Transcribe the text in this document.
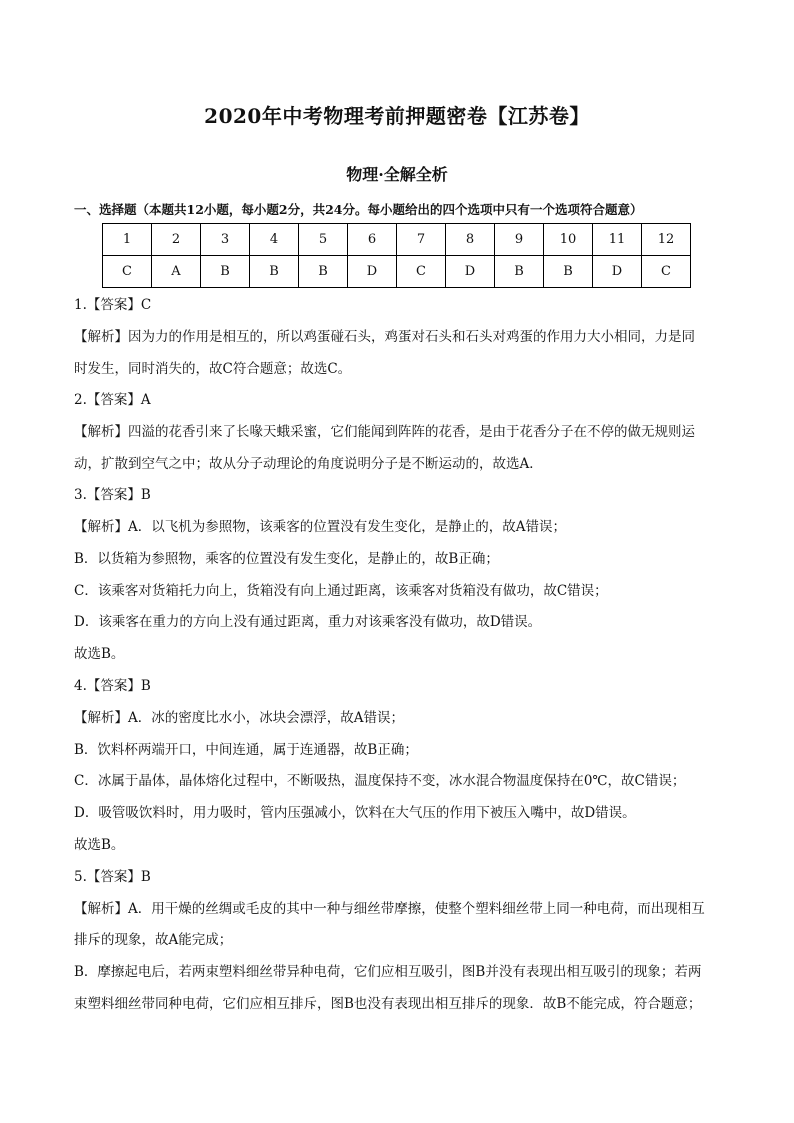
2020年中考物理考前押题密卷【江苏卷】
物理·全解全析
一、选择题（本题共12小题，每小题2分，共24分。每小题给出的四个选项中只有一个选项符合题意）
1	2	3	4	5	6	7	8	9	10	11	12
C	A	B	B	B	D	C	D	B	B	D	C
1.【答案】C
【解析】因为力的作用是相互的，所以鸡蛋碰石头，鸡蛋对石头和石头对鸡蛋的作用力大小相同，力是同
时发生，同时消失的，故C符合题意；故选C。
2.【答案】A
【解析】四溢的花香引来了长喙天蛾采蜜，它们能闻到阵阵的花香，是由于花香分子在不停的做无规则运
动，扩散到空气之中；故从分子动理论的角度说明分子是不断运动的，故选A．
3.【答案】B
【解析】A．以飞机为参照物，该乘客的位置没有发生变化，是静止的，故A错误；
B．以货箱为参照物，乘客的位置没有发生变化，是静止的，故B正确；
C．该乘客对货箱托力向上，货箱没有向上通过距离，该乘客对货箱没有做功，故C错误；
D．该乘客在重力的方向上没有通过距离，重力对该乘客没有做功，故D错误。
故选B。
4.【答案】B
【解析】A．冰的密度比水小，冰块会漂浮，故A错误；
B．饮料杯两端开口，中间连通，属于连通器，故B正确；
C．冰属于晶体，晶体熔化过程中，不断吸热，温度保持不变，冰水混合物温度保持在0℃，故C错误；
D．吸管吸饮料时，用力吸时，管内压强减小，饮料在大气压的作用下被压入嘴中，故D错误。
故选B。
5.【答案】B
【解析】A．用干燥的丝绸或毛皮的其中一种与细丝带摩擦，使整个塑料细丝带上同一种电荷，而出现相互
排斥的现象，故A能完成；
B．摩擦起电后，若两束塑料细丝带异种电荷，它们应相互吸引，图B并没有表现出相互吸引的现象；若两
束塑料细丝带同种电荷，它们应相互排斥，图B也没有表现出相互排斥的现象．故B不能完成，符合题意；
